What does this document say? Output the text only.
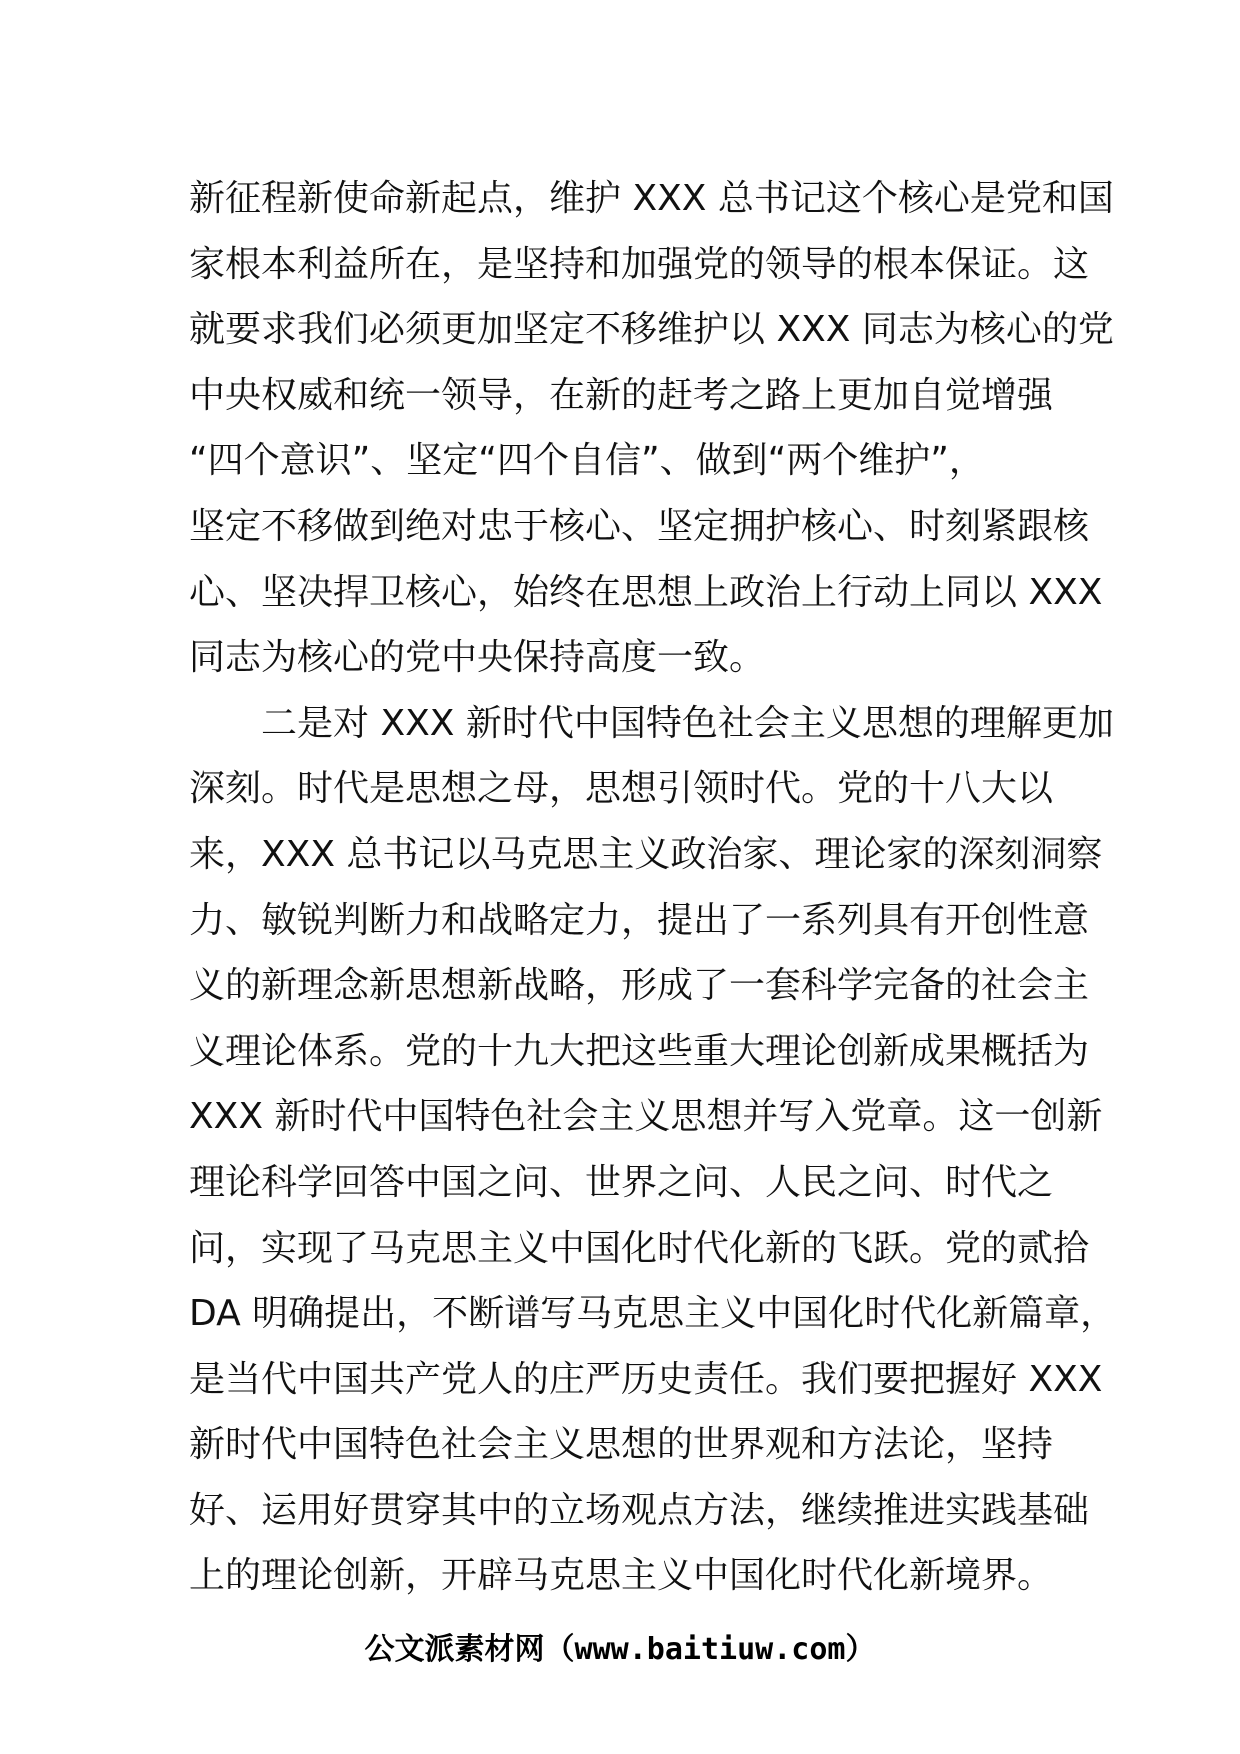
新征程新使命新起点，维护 XXX 总书记这个核心是党和国
家根本利益所在，是坚持和加强党的领导的根本保证。这
就要求我们必须更加坚定不移维护以 XXX 同志为核心的党
中央权威和统一领导，在新的赶考之路上更加自觉增强
“四个意识”、坚定“四个自信”、做到“两个维护”，
坚定不移做到绝对忠于核心、坚定拥护核心、时刻紧跟核
心、坚决捍卫核心，始终在思想上政治上行动上同以 XXX
同志为核心的党中央保持高度一致。
二是对 XXX 新时代中国特色社会主义思想的理解更加
深刻。时代是思想之母，思想引领时代。党的十八大以
来，XXX 总书记以马克思主义政治家、理论家的深刻洞察
力、敏锐判断力和战略定力，提出了一系列具有开创性意
义的新理念新思想新战略，形成了一套科学完备的社会主
义理论体系。党的十九大把这些重大理论创新成果概括为
XXX 新时代中国特色社会主义思想并写入党章。这一创新
理论科学回答中国之问、世界之问、人民之问、时代之
问，实现了马克思主义中国化时代化新的飞跃。党的贰拾
DA 明确提出，不断谱写马克思主义中国化时代化新篇章，
是当代中国共产党人的庄严历史责任。我们要把握好 XXX
新时代中国特色社会主义思想的世界观和方法论，坚持
好、运用好贯穿其中的立场观点方法，继续推进实践基础
上的理论创新，开辟马克思主义中国化时代化新境界。
公文派素材网（www.baitiuw.com）
